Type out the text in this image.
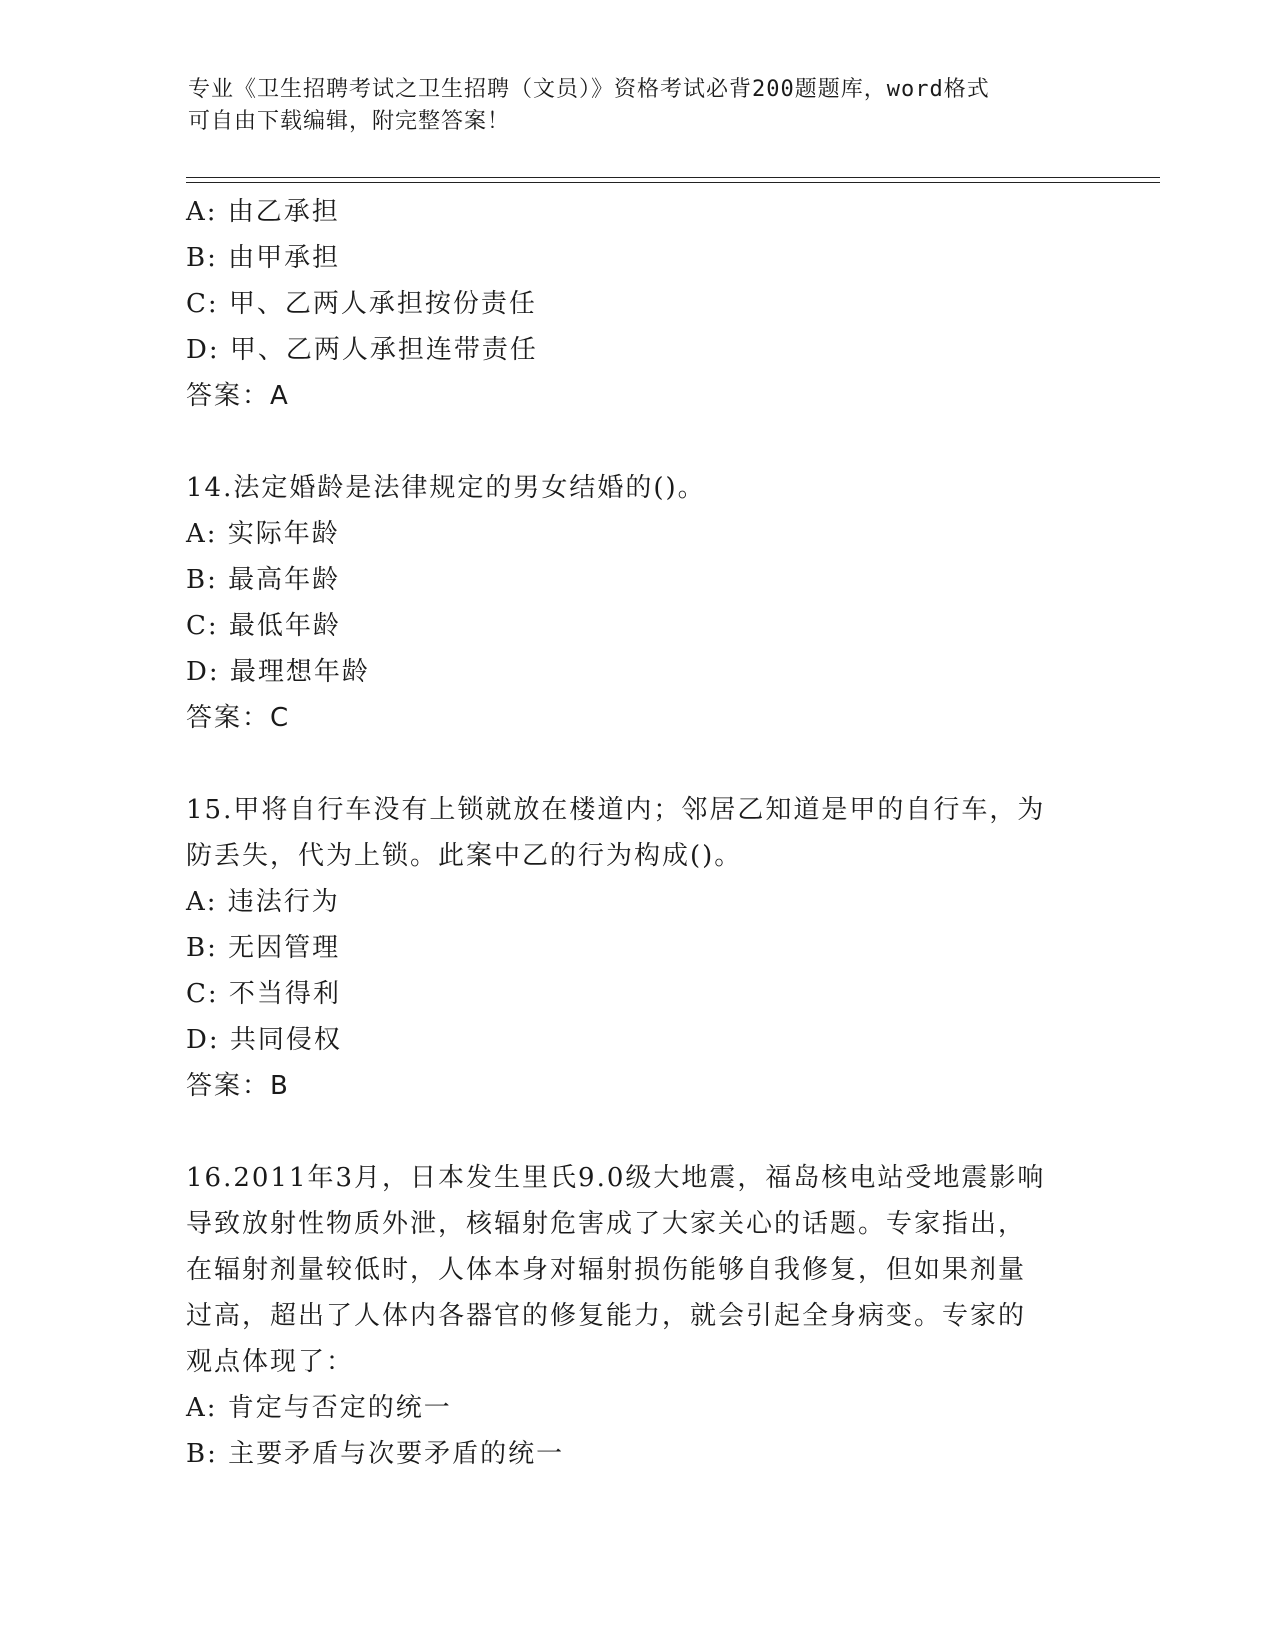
专业《卫生招聘考试之卫生招聘（文员）》资格考试必背200题题库，word格式
可自由下载编辑，附完整答案！
A: 由乙承担
B: 由甲承担
C: 甲、乙两人承担按份责任
D: 甲、乙两人承担连带责任
答案：A
14.法定婚龄是法律规定的男女结婚的()。
A: 实际年龄
B: 最高年龄
C: 最低年龄
D: 最理想年龄
答案：C
15.甲将自行车没有上锁就放在楼道内；邻居乙知道是甲的自行车，为
防丢失，代为上锁。此案中乙的行为构成()。
A: 违法行为
B: 无因管理
C: 不当得利
D: 共同侵权
答案：B
16.2011年3月，日本发生里氏9.0级大地震，福岛核电站受地震影响
导致放射性物质外泄，核辐射危害成了大家关心的话题。专家指出，
在辐射剂量较低时，人体本身对辐射损伤能够自我修复，但如果剂量
过高，超出了人体内各器官的修复能力，就会引起全身病变。专家的
观点体现了：
A: 肯定与否定的统一
B: 主要矛盾与次要矛盾的统一
